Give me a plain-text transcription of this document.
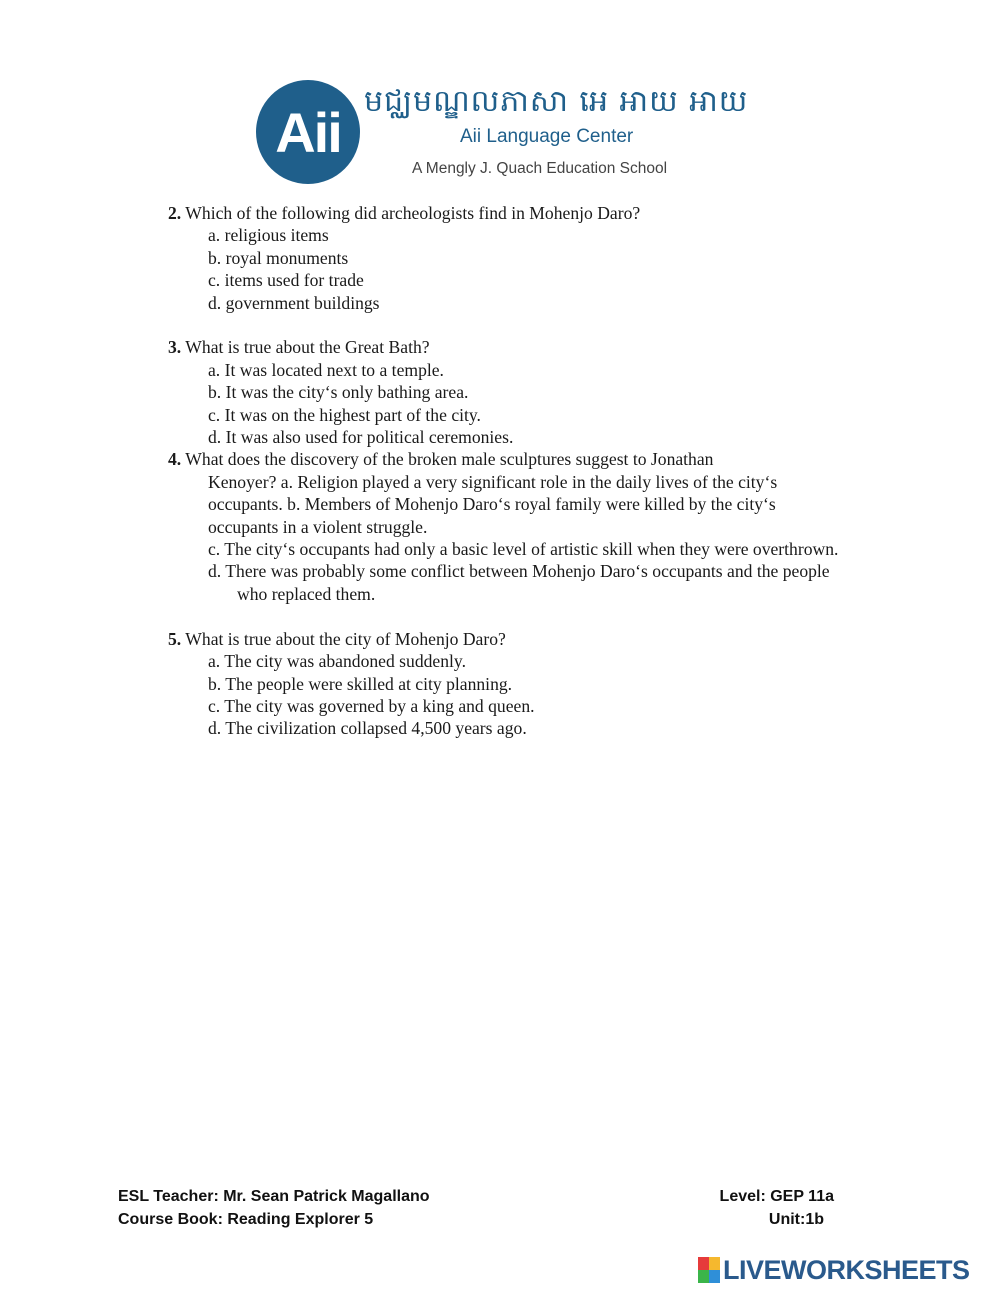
Aii មជ្ឈមណ្ឌលភាសា អេ អាយ អាយ
Aii Language Center
A Mengly J. Quach Education School
2. Which of the following did archeologists find in Mohenjo Daro?
a. religious items
b. royal monuments
c. items used for trade
d. government buildings
3. What is true about the Great Bath?
a. It was located next to a temple.
b. It was the city‘s only bathing area.
c. It was on the highest part of the city.
d. It was also used for political ceremonies.
4. What does the discovery of the broken male sculptures suggest to Jonathan
Kenoyer? a. Religion played a very significant role in the daily lives of the city‘s
occupants. b. Members of Mohenjo Daro‘s royal family were killed by the city‘s
occupants in a violent struggle.
c. The city‘s occupants had only a basic level of artistic skill when they were overthrown.
d. There was probably some conflict between Mohenjo Daro‘s occupants and the people who replaced them.
5. What is true about the city of Mohenjo Daro?
a. The city was abandoned suddenly.
b. The people were skilled at city planning.
c. The city was governed by a king and queen.
d. The civilization collapsed 4,500 years ago.
ESL Teacher: Mr. Sean Patrick Magallano	Level: GEP 11a
Course Book: Reading Explorer 5	Unit:1b
LIVEWORKSHEETS
